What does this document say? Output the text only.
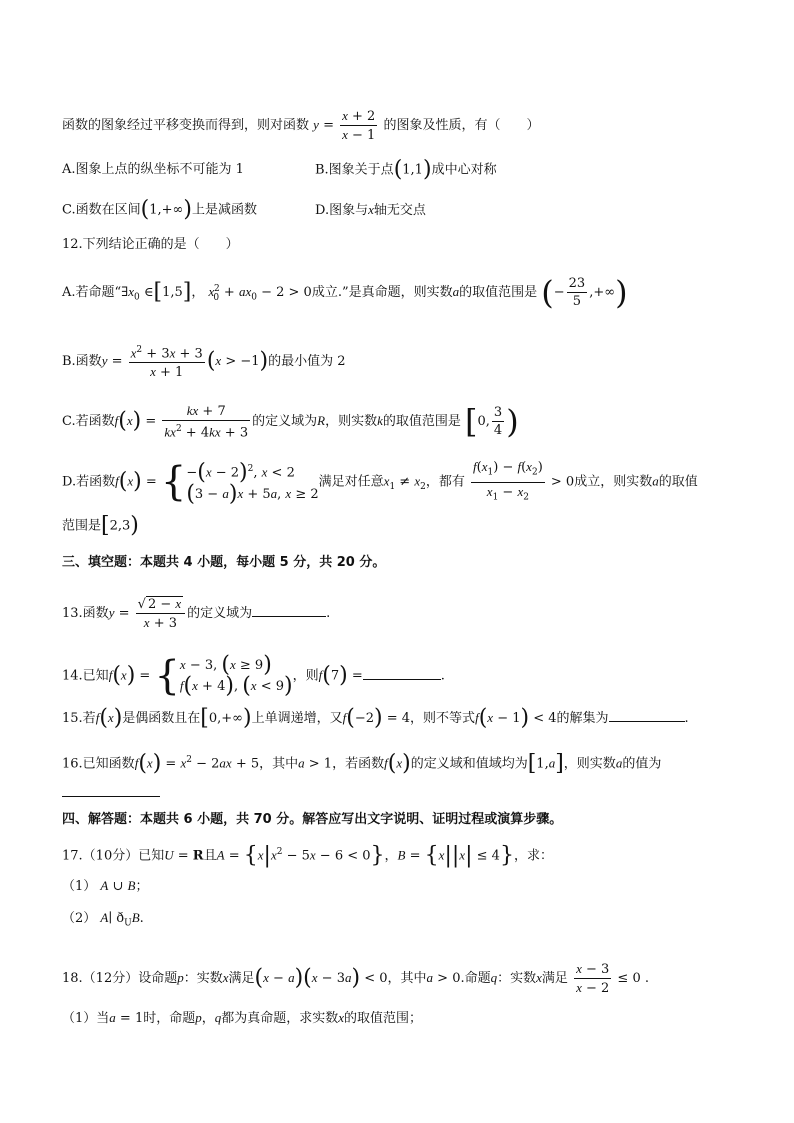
函数的图象经过平移变换而得到，则对函数 $y = \frac{x + 2}{x - 1}$ 的图象及性质，有（　　）
A.图象上点的纵坐标不可能为 1	B.图象关于点(1,1)成中心对称
C.函数在区间(1,+∞)上是减函数	D.图象与x轴无交点
12.下列结论正确的是（　　）
A.若命题“$\exists x_0$ ∈[1,5]， $x_0^2 + ax_0 - 2 > 0$成立.”是真命题，则实数a的取值范围是 (− $\frac{23}{5}$ ,+∞)
B.函数$y = \frac{x^2 + 3x + 3}{x + 1} (x > -1)$的最小值为 2
C.若函数$f(x) = \frac{kx + 7}{kx^2 + 4kx + 3}$ 的定义域为R，则实数k的取值范围是 [0, $\frac{3}{4}$ )
D.若函数f(x) = { $-(x - 2)^2$, x < 2
(3 − a)x + 5a, x ≥ 2
满足对任意$x_1 \ne x_2$，都有 $\frac{f(x_1) - f(x_2)}{x_1 - x_2} > 0$成立，则实数a的取值
范围是[2,3)
三、填空题：本题共 4 小题，每小题 5 分，共 20 分。
13.函数$y = \frac{√ 2 - x}{x + 3}$ 的定义域为	.
14.已知f(x) = { x − 3, (x ≥ 9)
f(x + 4), (x < 9) ，则f(7) =	.
15.若f(x)是偶函数且在[0,+∞)上单调递增，又f(−2) = 4，则不等式f(x − 1) < 4的解集为	.
16.已知函数$f(x) = x^2 - 2ax + 5$，其中a > 1，若函数f(x)的定义域和值域均为[1,a]，则实数a的值为
四、解答题：本题共 6 小题，共 70 分。解答应写出文字说明、证明过程或演算步骤。
17.（10分）已知U = R且$A = \{x|x^2 - 5x - 6 < 0\}$，B = {x||x| ≤ 4}，求：
（1） A ∪ B；
（2） A∣ $ð_UB$.
18.（12分）设命题p：实数x满足(x − a)(x − 3a) < 0，其中a > 0.命题q：实数x满足 $\frac{x - 3}{x - 2} \le 0$ .
（1）当a = 1时，命题p，q都为真命题，求实数x的取值范围；
